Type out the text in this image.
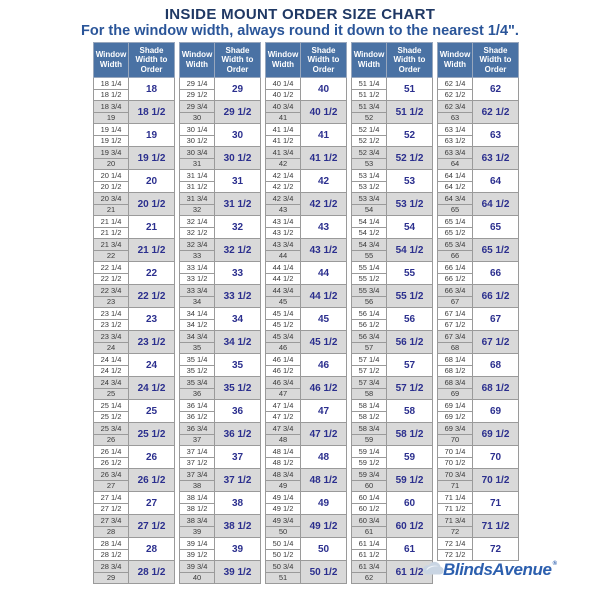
INSIDE MOUNT ORDER SIZE CHART
For the window width, always round it down to the nearest 1/4".
Window Width	Shade Width to Order
18 1/4	18
18 1/2	
18 3/4	18 1/2
19	
19 1/4	19
19 1/2	
19 3/4	19 1/2
20	
20 1/4	20
20 1/2	
20 3/4	20 1/2
21	
21 1/4	21
21 1/2	
21 3/4	21 1/2
22	
22 1/4	22
22 1/2	
22 3/4	22 1/2
23	
23 1/4	23
23 1/2	
23 3/4	23 1/2
24	
24 1/4	24
24 1/2	
24 3/4	24 1/2
25	
25 1/4	25
25 1/2	
25 3/4	25 1/2
26	
26 1/4	26
26 1/2	
26 3/4	26 1/2
27	
27 1/4	27
27 1/2	
27 3/4	27 1/2
28	
28 1/4	28
28 1/2	
28 3/4	28 1/2
29	
Window Width	Shade Width to Order
29 1/4	29
29 1/2	
29 3/4	29 1/2
30	
30 1/4	30
30 1/2	
30 3/4	30 1/2
31	
31 1/4	31
31 1/2	
31 3/4	31 1/2
32	
32 1/4	32
32 1/2	
32 3/4	32 1/2
33	
33 1/4	33
33 1/2	
33 3/4	33 1/2
34	
34 1/4	34
34 1/2	
34 3/4	34 1/2
35	
35 1/4	35
35 1/2	
35 3/4	35 1/2
36	
36 1/4	36
36 1/2	
36 3/4	36 1/2
37	
37 1/4	37
37 1/2	
37 3/4	37 1/2
38	
38 1/4	38
38 1/2	
38 3/4	38 1/2
39	
39 1/4	39
39 1/2	
39 3/4	39 1/2
40	
Window Width	Shade Width to Order
40 1/4	40
40 1/2	
40 3/4	40 1/2
41	
41 1/4	41
41 1/2	
41 3/4	41 1/2
42	
42 1/4	42
42 1/2	
42 3/4	42 1/2
43	
43 1/4	43
43 1/2	
43 3/4	43 1/2
44	
44 1/4	44
44 1/2	
44 3/4	44 1/2
45	
45 1/4	45
45 1/2	
45 3/4	45 1/2
46	
46 1/4	46
46 1/2	
46 3/4	46 1/2
47	
47 1/4	47
47 1/2	
47 3/4	47 1/2
48	
48 1/4	48
48 1/2	
48 3/4	48 1/2
49	
49 1/4	49
49 1/2	
49 3/4	49 1/2
50	
50 1/4	50
50 1/2	
50 3/4	50 1/2
51	
Window Width	Shade Width to Order
51 1/4	51
51 1/2	
51 3/4	51 1/2
52	
52 1/4	52
52 1/2	
52 3/4	52 1/2
53	
53 1/4	53
53 1/2	
53 3/4	53 1/2
54	
54 1/4	54
54 1/2	
54 3/4	54 1/2
55	
55 1/4	55
55 1/2	
55 3/4	55 1/2
56	
56 1/4	56
56 1/2	
56 3/4	56 1/2
57	
57 1/4	57
57 1/2	
57 3/4	57 1/2
58	
58 1/4	58
58 1/2	
58 3/4	58 1/2
59	
59 1/4	59
59 1/2	
59 3/4	59 1/2
60	
60 1/4	60
60 1/2	
60 3/4	60 1/2
61	
61 1/4	61
61 1/2	
61 3/4	61 1/2
62	
Window Width	Shade Width to Order
62 1/4	62
62 1/2	
62 3/4	62 1/2
63	
63 1/4	63
63 1/2	
63 3/4	63 1/2
64	
64 1/4	64
64 1/2	
64 3/4	64 1/2
65	
65 1/4	65
65 1/2	
65 3/4	65 1/2
66	
66 1/4	66
66 1/2	
66 3/4	66 1/2
67	
67 1/4	67
67 1/2	
67 3/4	67 1/2
68	
68 1/4	68
68 1/2	
68 3/4	68 1/2
69	
69 1/4	69
69 1/2	
69 3/4	69 1/2
70	
70 1/4	70
70 1/2	
70 3/4	70 1/2
71	
71 1/4	71
71 1/2	
71 3/4	71 1/2
72	
72 1/4	72
72 1/2	
BlindsAvenue ®
